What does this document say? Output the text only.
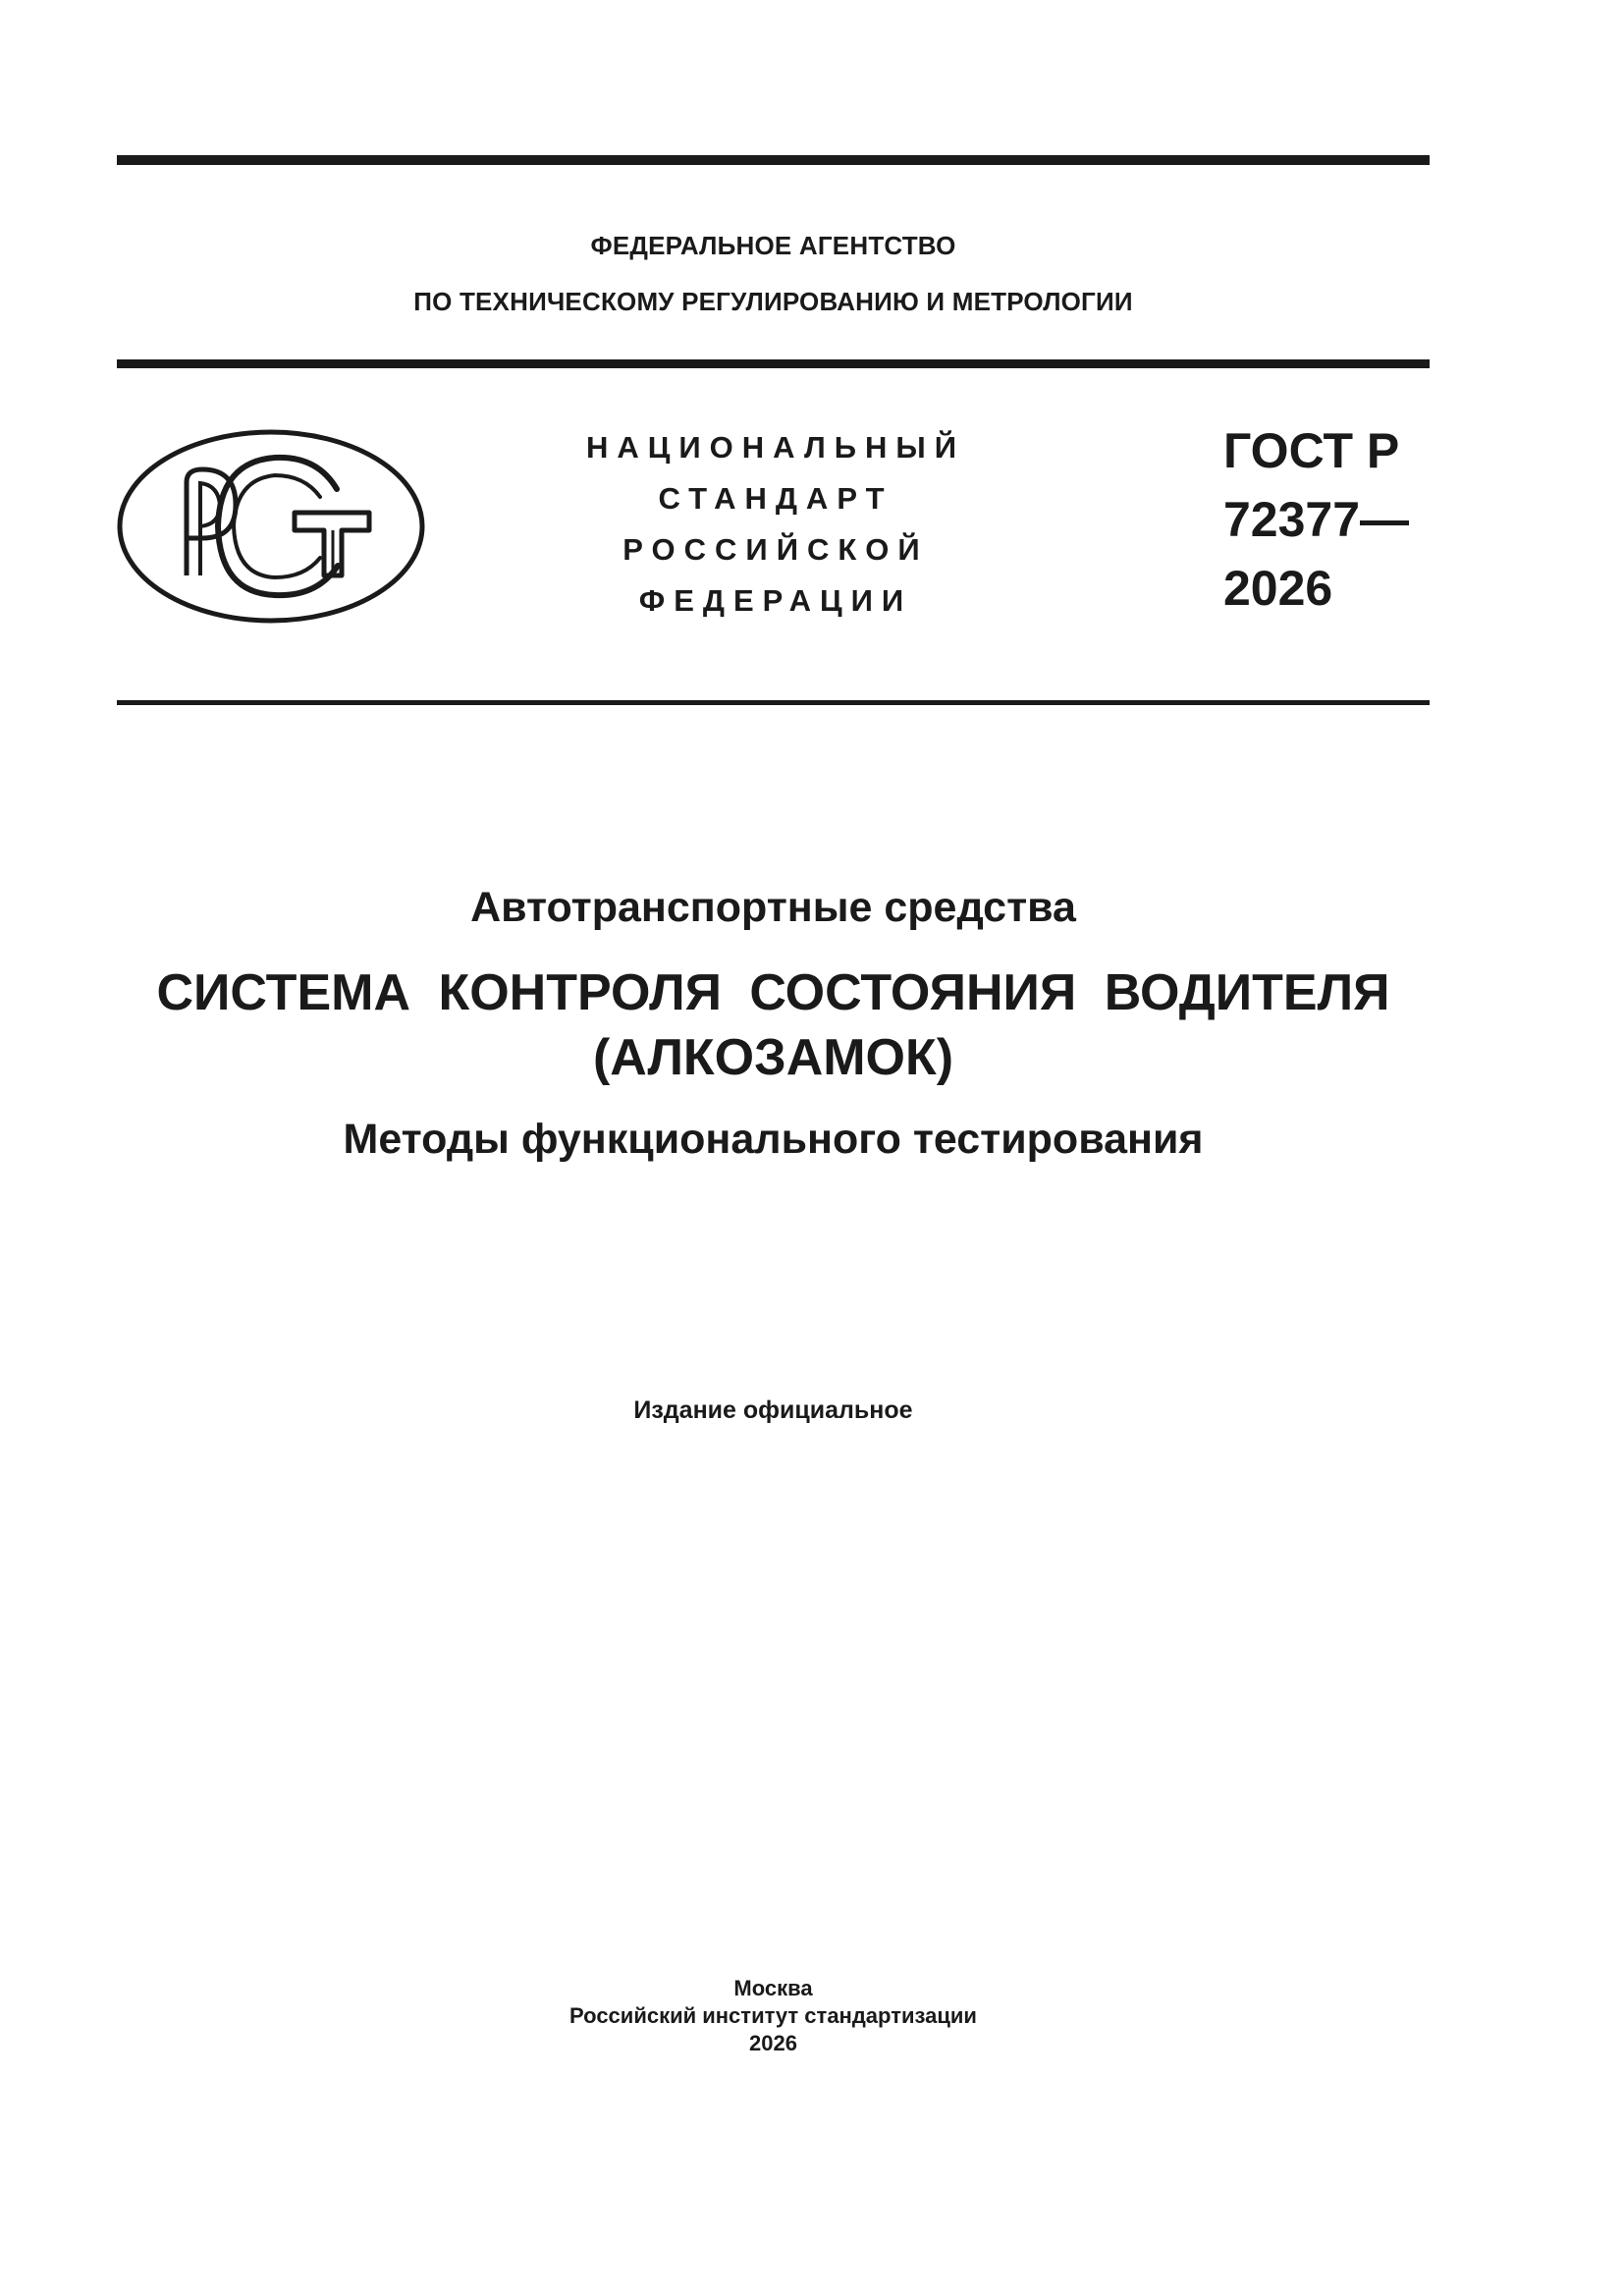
ФЕДЕРАЛЬНОЕ АГЕНТСТВО
ПО ТЕХНИЧЕСКОМУ РЕГУЛИРОВАНИЮ И МЕТРОЛОГИИ
НАЦИОНАЛЬНЫЙ
СТАНДАРТ
РОССИЙСКОЙ
ФЕДЕРАЦИИ
ГОСТ Р
72377—
2026
Автотранспортные средства
СИСТЕМА КОНТРОЛЯ СОСТОЯНИЯ ВОДИТЕЛЯ
(АЛКОЗАМОК)
Методы функционального тестирования
Издание официальное
Москва
Российский институт стандартизации
2026
